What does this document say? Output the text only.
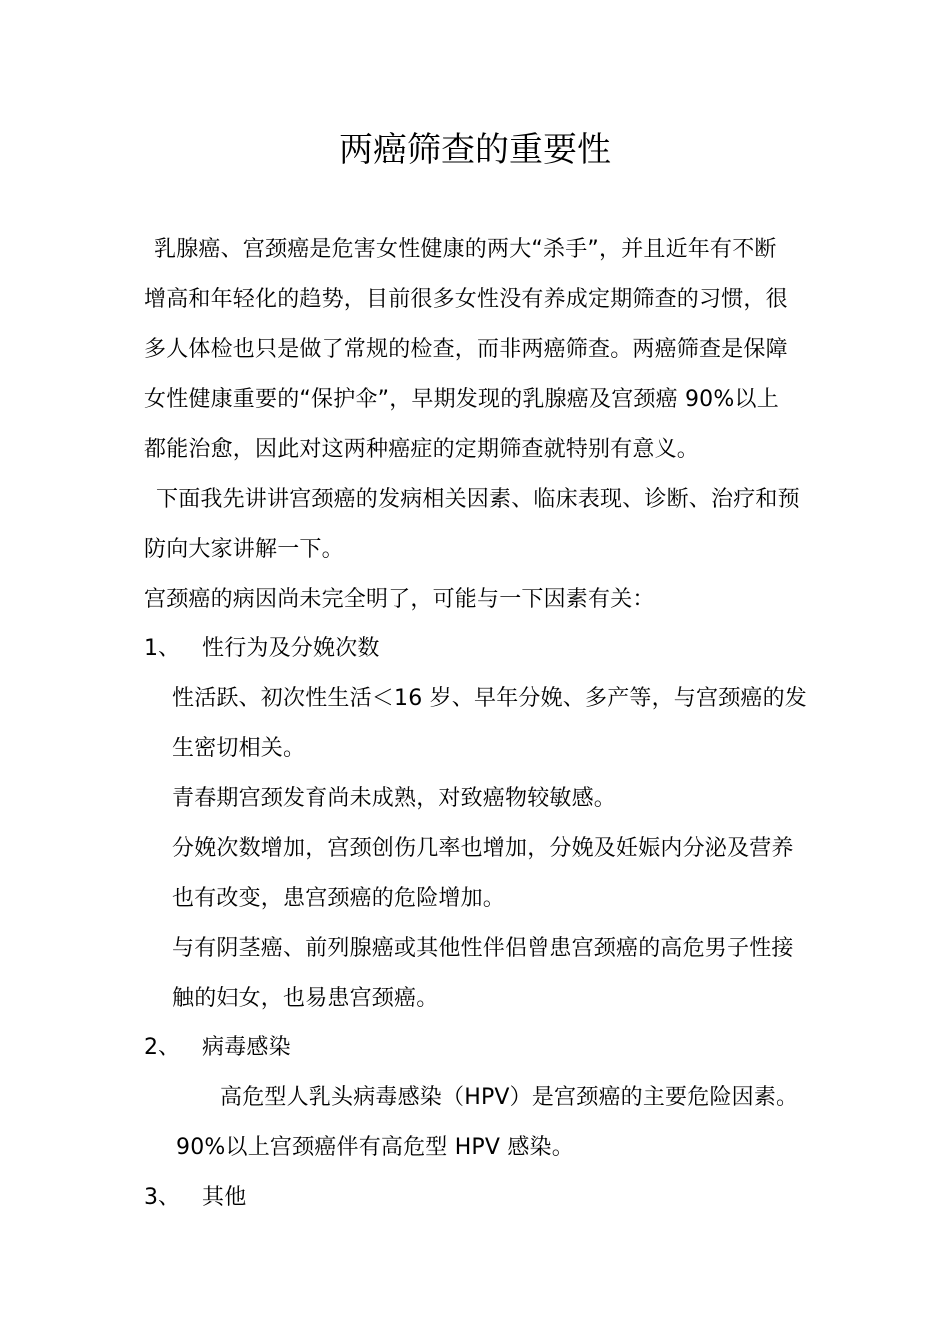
两癌筛查的重要性
乳腺癌、宫颈癌是危害女性健康的两大“杀手”，并且近年有不断
增高和年轻化的趋势，目前很多女性没有养成定期筛查的习惯，很
多人体检也只是做了常规的检查，而非两癌筛查。两癌筛查是保障
女性健康重要的“保护伞”，早期发现的乳腺癌及宫颈癌 90%以上
都能治愈，因此对这两种癌症的定期筛查就特别有意义。
下面我先讲讲宫颈癌的发病相关因素、临床表现、诊断、治疗和预
防向大家讲解一下。
宫颈癌的病因尚未完全明了，可能与一下因素有关：
1、 性行为及分娩次数
性活跃、初次性生活＜16 岁、早年分娩、多产等，与宫颈癌的发
生密切相关。
青春期宫颈发育尚未成熟，对致癌物较敏感。
分娩次数增加，宫颈创伤几率也增加，分娩及妊娠内分泌及营养
也有改变，患宫颈癌的危险增加。
与有阴茎癌、前列腺癌或其他性伴侣曾患宫颈癌的高危男子性接
触的妇女，也易患宫颈癌。
2、 病毒感染
高危型人乳头病毒感染（HPV）是宫颈癌的主要危险因素。
90%以上宫颈癌伴有高危型 HPV 感染。
3、 其他
